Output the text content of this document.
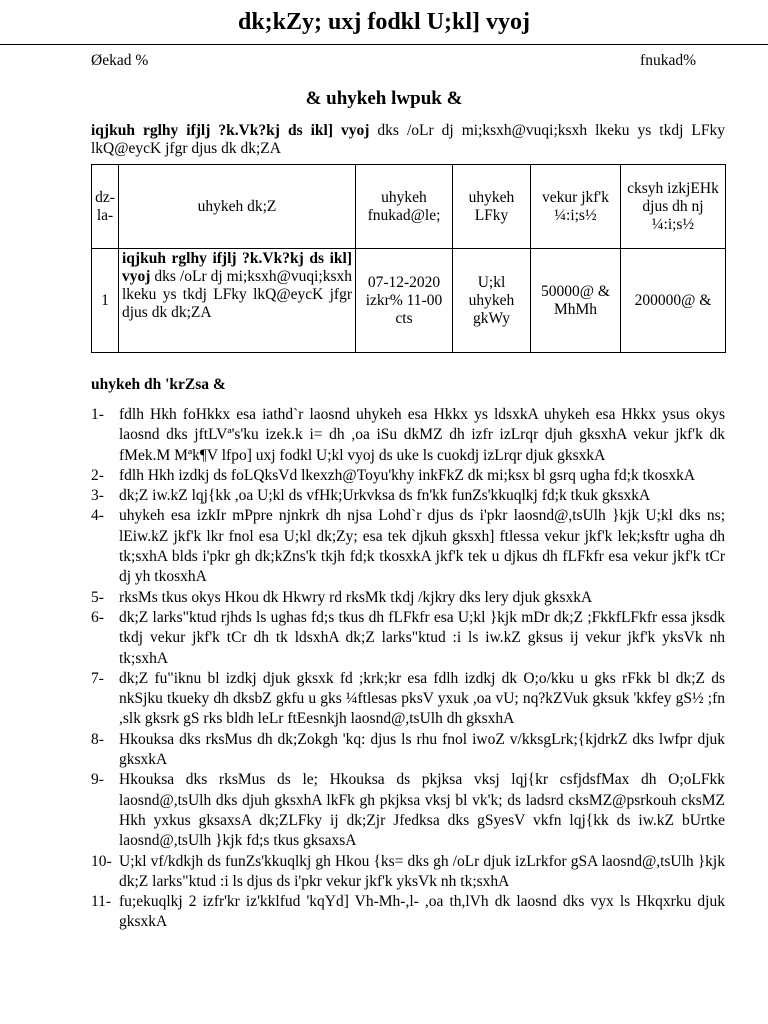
dk;kZy; uxj fodkl U;kl] vyoj
Øekad %	fnukad%
& uhykeh lwpuk &
iqjkuh rglhy ifjlj ?k.Vk?kj ds ikl] vyoj dks /oLr dj mi;ksxh@vuqi;ksxh lkeku ys tkdj LFky lkQ@eycK jfgr djus dk dk;ZA
dz-la-	uhykeh dk;Z	uhykeh fnukad@le;	uhykeh LFky	vekur jkf'k ¼:i;s½	cksyh izkjEHk djus dh nj ¼:i;s½
1	iqjkuh rglhy ifjlj ?k.Vk?kj ds ikl] vyoj dks /oLr dj mi;ksxh@vuqi;ksxh lkeku ys tkdj LFky lkQ@eycK jfgr djus dk dk;ZA	07-12-2020 izkr% 11-00 cts	U;kl uhykeh gkWy	50000@ & MhMh	200000@ &
uhykeh dh 'krZsa &
1- fdlh Hkh foHkkx esa iathd`r laosnd uhykeh esa Hkkx ys ldsxkA uhykeh esa Hkkx ysus okys laosnd dks jftLVª's'ku izek.k i= dh ,oa iSu dkMZ dh izfr izLrqr djuh gksxhA vekur jkf'k dk fMek.M Mªk¶V lfpo] uxj fodkl U;kl vyoj ds uke ls cuokdj izLrqr djuk gksxkA
2- fdlh Hkh izdkj ds foLQksVd lkexzh@Toyu'khy inkFkZ dk mi;ksx bl gsrq ugha fd;k tkosxkA
3- dk;Z iw.kZ lqj{kk ,oa U;kl ds vfHk;Urkvksa ds fn'kk funZs'kkuqlkj fd;k tkuk gksxkA
4- uhykeh esa izkIr mPpre njnkrk dh njsa Lohd`r djus ds i'pkr laosnd@,tsUlh }kjk U;kl dks ns; lEiw.kZ jkf'k lkr fnol esa U;kl dk;Zy; esa tek djkuh gksxh] ftlessa vekur jkf'k lek;ksftr ugha dh tk;sxhA blds i'pkr gh dk;kZns'k tkjh fd;k tkosxkA jkf'k tek u djkus dh fLFkfr esa vekur jkf'k tCr dj yh tkosxhA
5- rksMs tkus okys Hkou dk Hkwry rd rksMk tkdj /kjkry dks lery djuk gksxkA
6- dk;Z larks"ktud rjhds ls ughas fd;s tkus dh fLFkfr esa U;kl }kjk mDr dk;Z ;FkkfLFkfr essa jksdk tkdj vekur jkf'k tCr dh tk ldsxhA dk;Z larks"ktud :i ls iw.kZ gksus ij vekur jkf'k yksVk nh tk;sxhA
7- dk;Z fu"iknu bl izdkj djuk gksxk fd ;krk;kr esa fdlh izdkj dk O;o/kku u gks rFkk bl dk;Z ds nkSjku tkueky dh dksbZ gkfu u gks ¼ftlesas pksV yxuk ,oa vU; nq?kZVuk gksuk 'kkfey gS½ ;fn ,slk gksrk gS rks bldh leLr ftEesnkjh laosnd@,tsUlh dh gksxhA
8- Hkouksa dks rksMus dh dk;Zokgh 'kq: djus ls rhu fnol iwoZ v/kksgLrk;{kjdrkZ dks lwfpr djuk gksxkA
9- Hkouksa dks rksMus ds le; Hkouksa ds pkjksa vksj lqj{kr csfjdsfMax dh O;oLFkk laosnd@,tsUlh dks djuh gksxhA lkFk gh pkjksa vksj bl vk'k; ds ladsrd cksMZ@psrkouh cksMZ Hkh yxkus gksaxsA dk;ZLFky ij dk;Zjr Jfedksa dks gSyesV vkfn lqj{kk ds iw.kZ bUrtke laosnd@,tsUlh }kjk fd;s tkus gksaxsA
10- U;kl vf/kdkjh ds funZs'kkuqlkj gh Hkou {ks= dks gh /oLr djuk izLrkfor gSA laosnd@,tsUlh }kjk dk;Z larks"ktud :i ls djus ds i'pkr vekur jkf'k yksVk nh tk;sxhA
11- fu;ekuqlkj 2 izfr'kr iz'kklfud 'kqYd] Vh-Mh-,l- ,oa th,lVh dk laosnd dks vyx ls Hkqxrku djuk gksxkA
